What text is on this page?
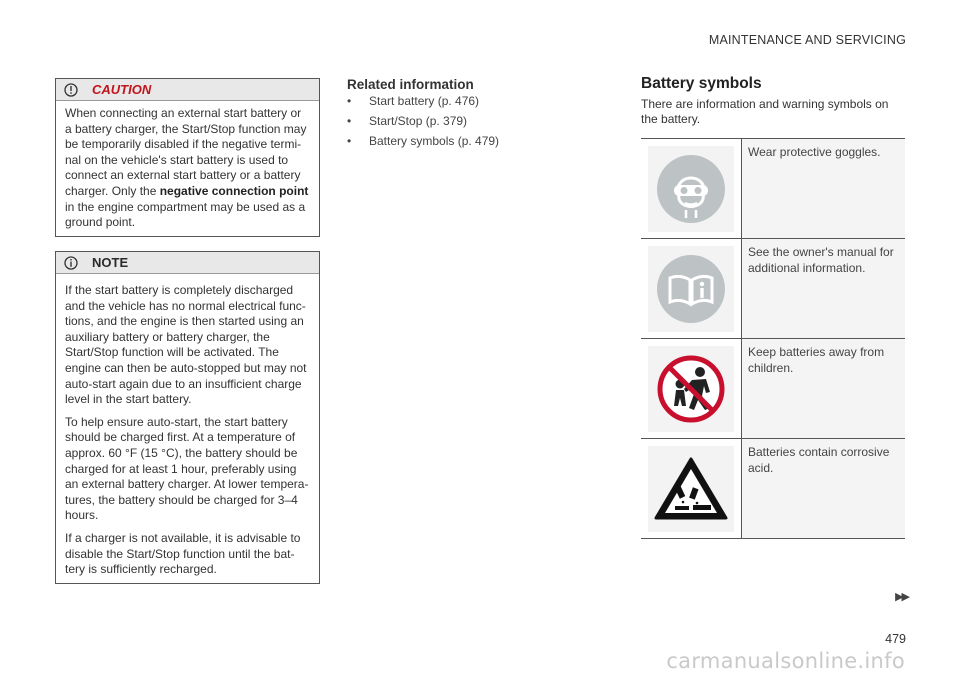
MAINTENANCE AND SERVICING
CAUTION

When connecting an external start battery or a battery charger, the Start/Stop function may be temporarily disabled if the negative termi-nal on the vehicle's start battery is used to connect an external start battery or a battery charger. Only the negative connection point in the engine compartment may be used as a ground point.

NOTE

If the start battery is completely discharged and the vehicle has no normal electrical func-tions, and the engine is then started using an auxiliary battery or battery charger, the Start/Stop function will be activated. The engine can then be auto-stopped but may not auto-start again due to an insufficient charge level in the start battery.

To help ensure auto-start, the start battery should be charged first. At a temperature of approx. 60 °F (15 °C), the battery should be charged for at least 1 hour, preferably using an external battery charger. At lower tempera-tures, the battery should be charged for 3–4 hours.

If a charger is not available, it is advisable to disable the Start/Stop function until the bat-tery is sufficiently recharged.

Related information
• Start battery (p. 476)
• Start/Stop (p. 379)
• Battery symbols (p. 479)
Battery symbols

There are information and warning symbols on the battery.

Wear protective goggles.
See the owner's manual for additional information.
Keep batteries away from children.
Batteries contain corrosive acid.
▶▶
479
carmanualsonline.info
